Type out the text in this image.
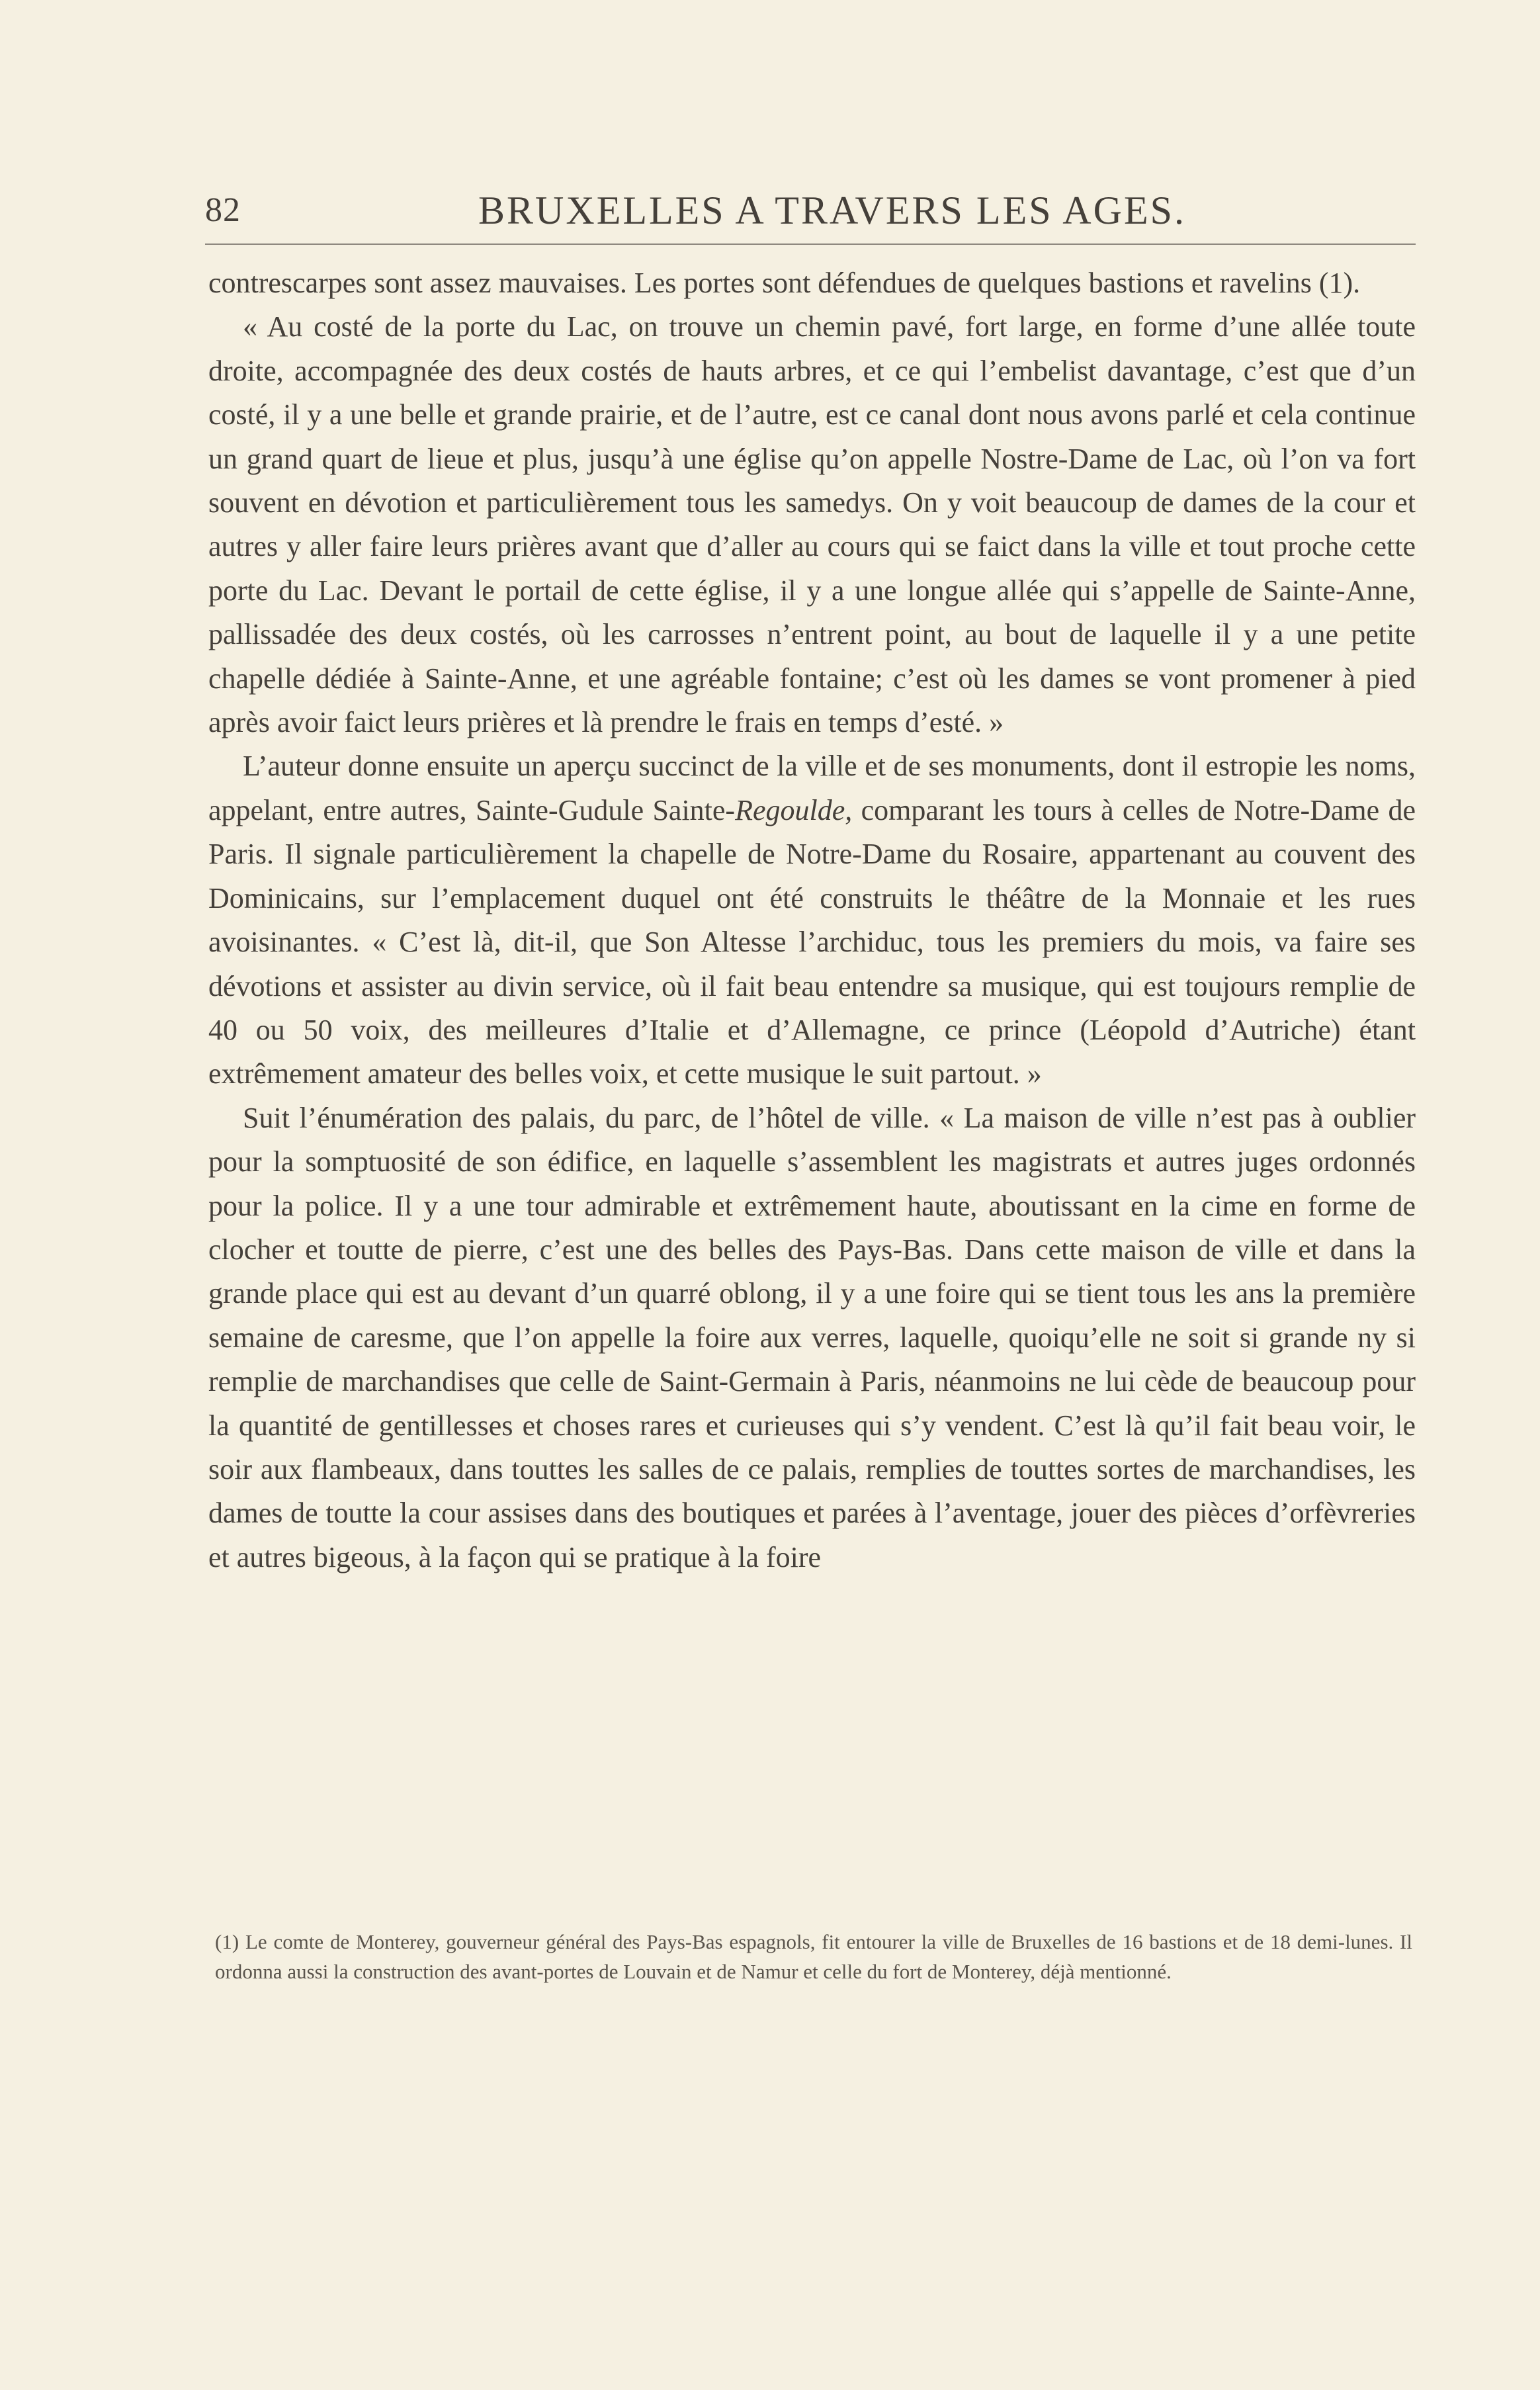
82	BRUXELLES A TRAVERS LES AGES.

contrescarpes sont assez mauvaises. Les portes sont défendues de quelques bastions et ravelins (1).

« Au costé de la porte du Lac, on trouve un chemin pavé, fort large, en forme d’une allée toute droite, accompagnée des deux costés de hauts arbres, et ce qui l’embelist davantage, c’est que d’un costé, il y a une belle et grande prairie, et de l’autre, est ce canal dont nous avons parlé et cela continue un grand quart de lieue et plus, jusqu’à une église qu’on appelle Nostre-Dame de Lac, où l’on va fort souvent en dévotion et particulièrement tous les samedys. On y voit beaucoup de dames de la cour et autres y aller faire leurs prières avant que d’aller au cours qui se faict dans la ville et tout proche cette porte du Lac. Devant le portail de cette église, il y a une longue allée qui s’appelle de Sainte-Anne, pallissadée des deux costés, où les carrosses n’entrent point, au bout de laquelle il y a une petite chapelle dédiée à Sainte-Anne, et une agréable fontaine; c’est où les dames se vont promener à pied après avoir faict leurs prières et là prendre le frais en temps d’esté. »

L’auteur donne ensuite un aperçu succinct de la ville et de ses monuments, dont il estropie les noms, appelant, entre autres, Sainte-Gudule Sainte-Regoulde, comparant les tours à celles de Notre-Dame de Paris. Il signale particulièrement la chapelle de Notre-Dame du Rosaire, appartenant au couvent des Dominicains, sur l’emplacement duquel ont été construits le théâtre de la Monnaie et les rues avoisinantes. « C’est là, dit-il, que Son Altesse l’archiduc, tous les premiers du mois, va faire ses dévotions et assister au divin service, où il fait beau entendre sa musique, qui est toujours remplie de 40 ou 50 voix, des meilleures d’Italie et d’Allemagne, ce prince (Léopold d’Autriche) étant extrêmement amateur des belles voix, et cette musique le suit partout. »

Suit l’énumération des palais, du parc, de l’hôtel de ville. « La maison de ville n’est pas à oublier pour la somptuosité de son édifice, en laquelle s’assemblent les magistrats et autres juges ordonnés pour la police. Il y a une tour admirable et extrêmement haute, aboutissant en la cime en forme de clocher et toutte de pierre, c’est une des belles des Pays-Bas. Dans cette maison de ville et dans la grande place qui est au devant d’un quarré oblong, il y a une foire qui se tient tous les ans la première semaine de caresme, que l’on appelle la foire aux verres, laquelle, quoiqu’elle ne soit si grande ny si remplie de marchandises que celle de Saint-Germain à Paris, néanmoins ne lui cède de beaucoup pour la quantité de gentillesses et choses rares et curieuses qui s’y vendent. C’est là qu’il fait beau voir, le soir aux flambeaux, dans touttes les salles de ce palais, remplies de touttes sortes de marchandises, les dames de toutte la cour assises dans des boutiques et parées à l’aventage, jouer des pièces d’orfèvreries et autres bigeous, à la façon qui se pratique à la foire

(1) Le comte de Monterey, gouverneur général des Pays-Bas espagnols, fit entourer la ville de Bruxelles de 16 bastions et de 18 demi-lunes. Il ordonna aussi la construction des avant-portes de Louvain et de Namur et celle du fort de Monterey, déjà mentionné.
